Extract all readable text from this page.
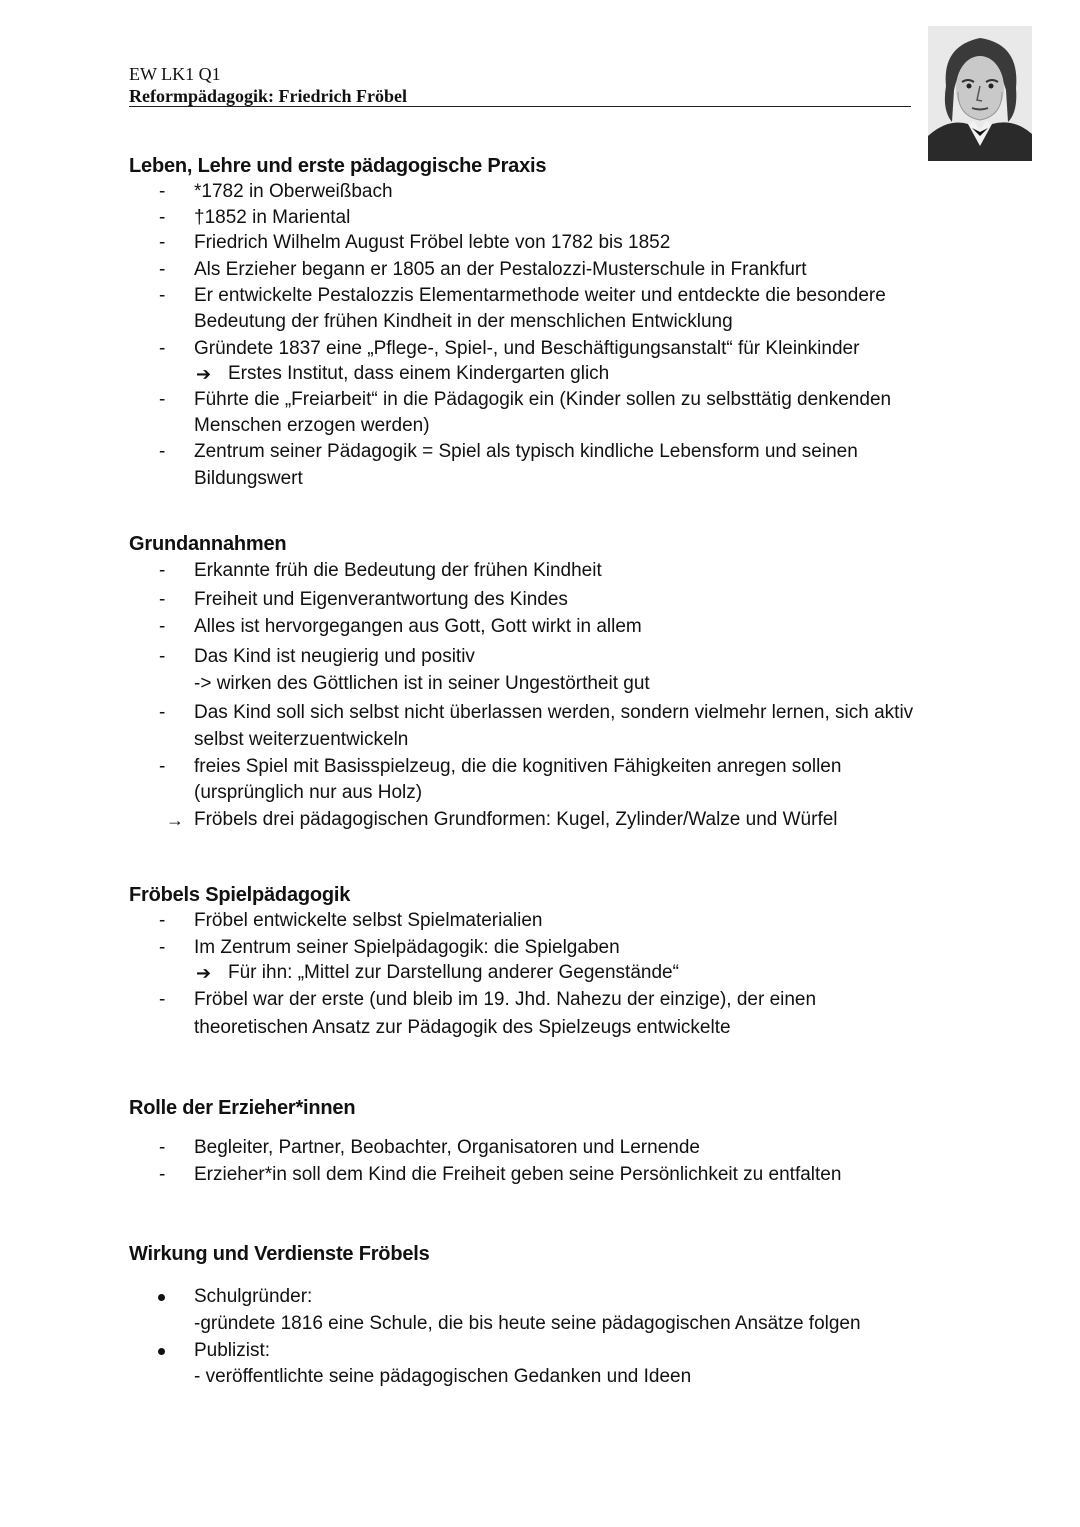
EW LK1 Q1
Reformpädagogik: Friedrich Fröbel
Leben, Lehre und erste pädagogische Praxis
- *1782 in Oberweißbach
- †1852 in Mariental
- Friedrich Wilhelm August Fröbel lebte von 1782 bis 1852
- Als Erzieher begann er 1805 an der Pestalozzi-Musterschule in Frankfurt
- Er entwickelte Pestalozzis Elementarmethode weiter und entdeckte die besondere
Bedeutung der frühen Kindheit in der menschlichen Entwicklung
- Gründete 1837 eine „Pflege-, Spiel-, und Beschäftigungsanstalt“ für Kleinkinder
➔ Erstes Institut, dass einem Kindergarten glich
- Führte die „Freiarbeit“ in die Pädagogik ein (Kinder sollen zu selbsttätig denkenden
Menschen erzogen werden)
- Zentrum seiner Pädagogik = Spiel als typisch kindliche Lebensform und seinen
Bildungswert
Grundannahmen
- Erkannte früh die Bedeutung der frühen Kindheit
- Freiheit und Eigenverantwortung des Kindes
- Alles ist hervorgegangen aus Gott, Gott wirkt in allem
- Das Kind ist neugierig und positiv
-> wirken des Göttlichen ist in seiner Ungestörtheit gut
- Das Kind soll sich selbst nicht überlassen werden, sondern vielmehr lernen, sich aktiv
selbst weiterzuentwickeln
- freies Spiel mit Basisspielzeug, die die kognitiven Fähigkeiten anregen sollen
(ursprünglich nur aus Holz)
→ Fröbels drei pädagogischen Grundformen: Kugel, Zylinder/Walze und Würfel
Fröbels Spielpädagogik
- Fröbel entwickelte selbst Spielmaterialien
- Im Zentrum seiner Spielpädagogik: die Spielgaben
➔ Für ihn: „Mittel zur Darstellung anderer Gegenstände“
- Fröbel war der erste (und bleib im 19. Jhd. Nahezu der einzige), der einen
theoretischen Ansatz zur Pädagogik des Spielzeugs entwickelte
Rolle der Erzieher*innen
- Begleiter, Partner, Beobachter, Organisatoren und Lernende
- Erzieher*in soll dem Kind die Freiheit geben seine Persönlichkeit zu entfalten
Wirkung und Verdienste Fröbels
Schulgründer:
-gründete 1816 eine Schule, die bis heute seine pädagogischen Ansätze folgen
Publizist:
- veröffentlichte seine pädagogischen Gedanken und Ideen
